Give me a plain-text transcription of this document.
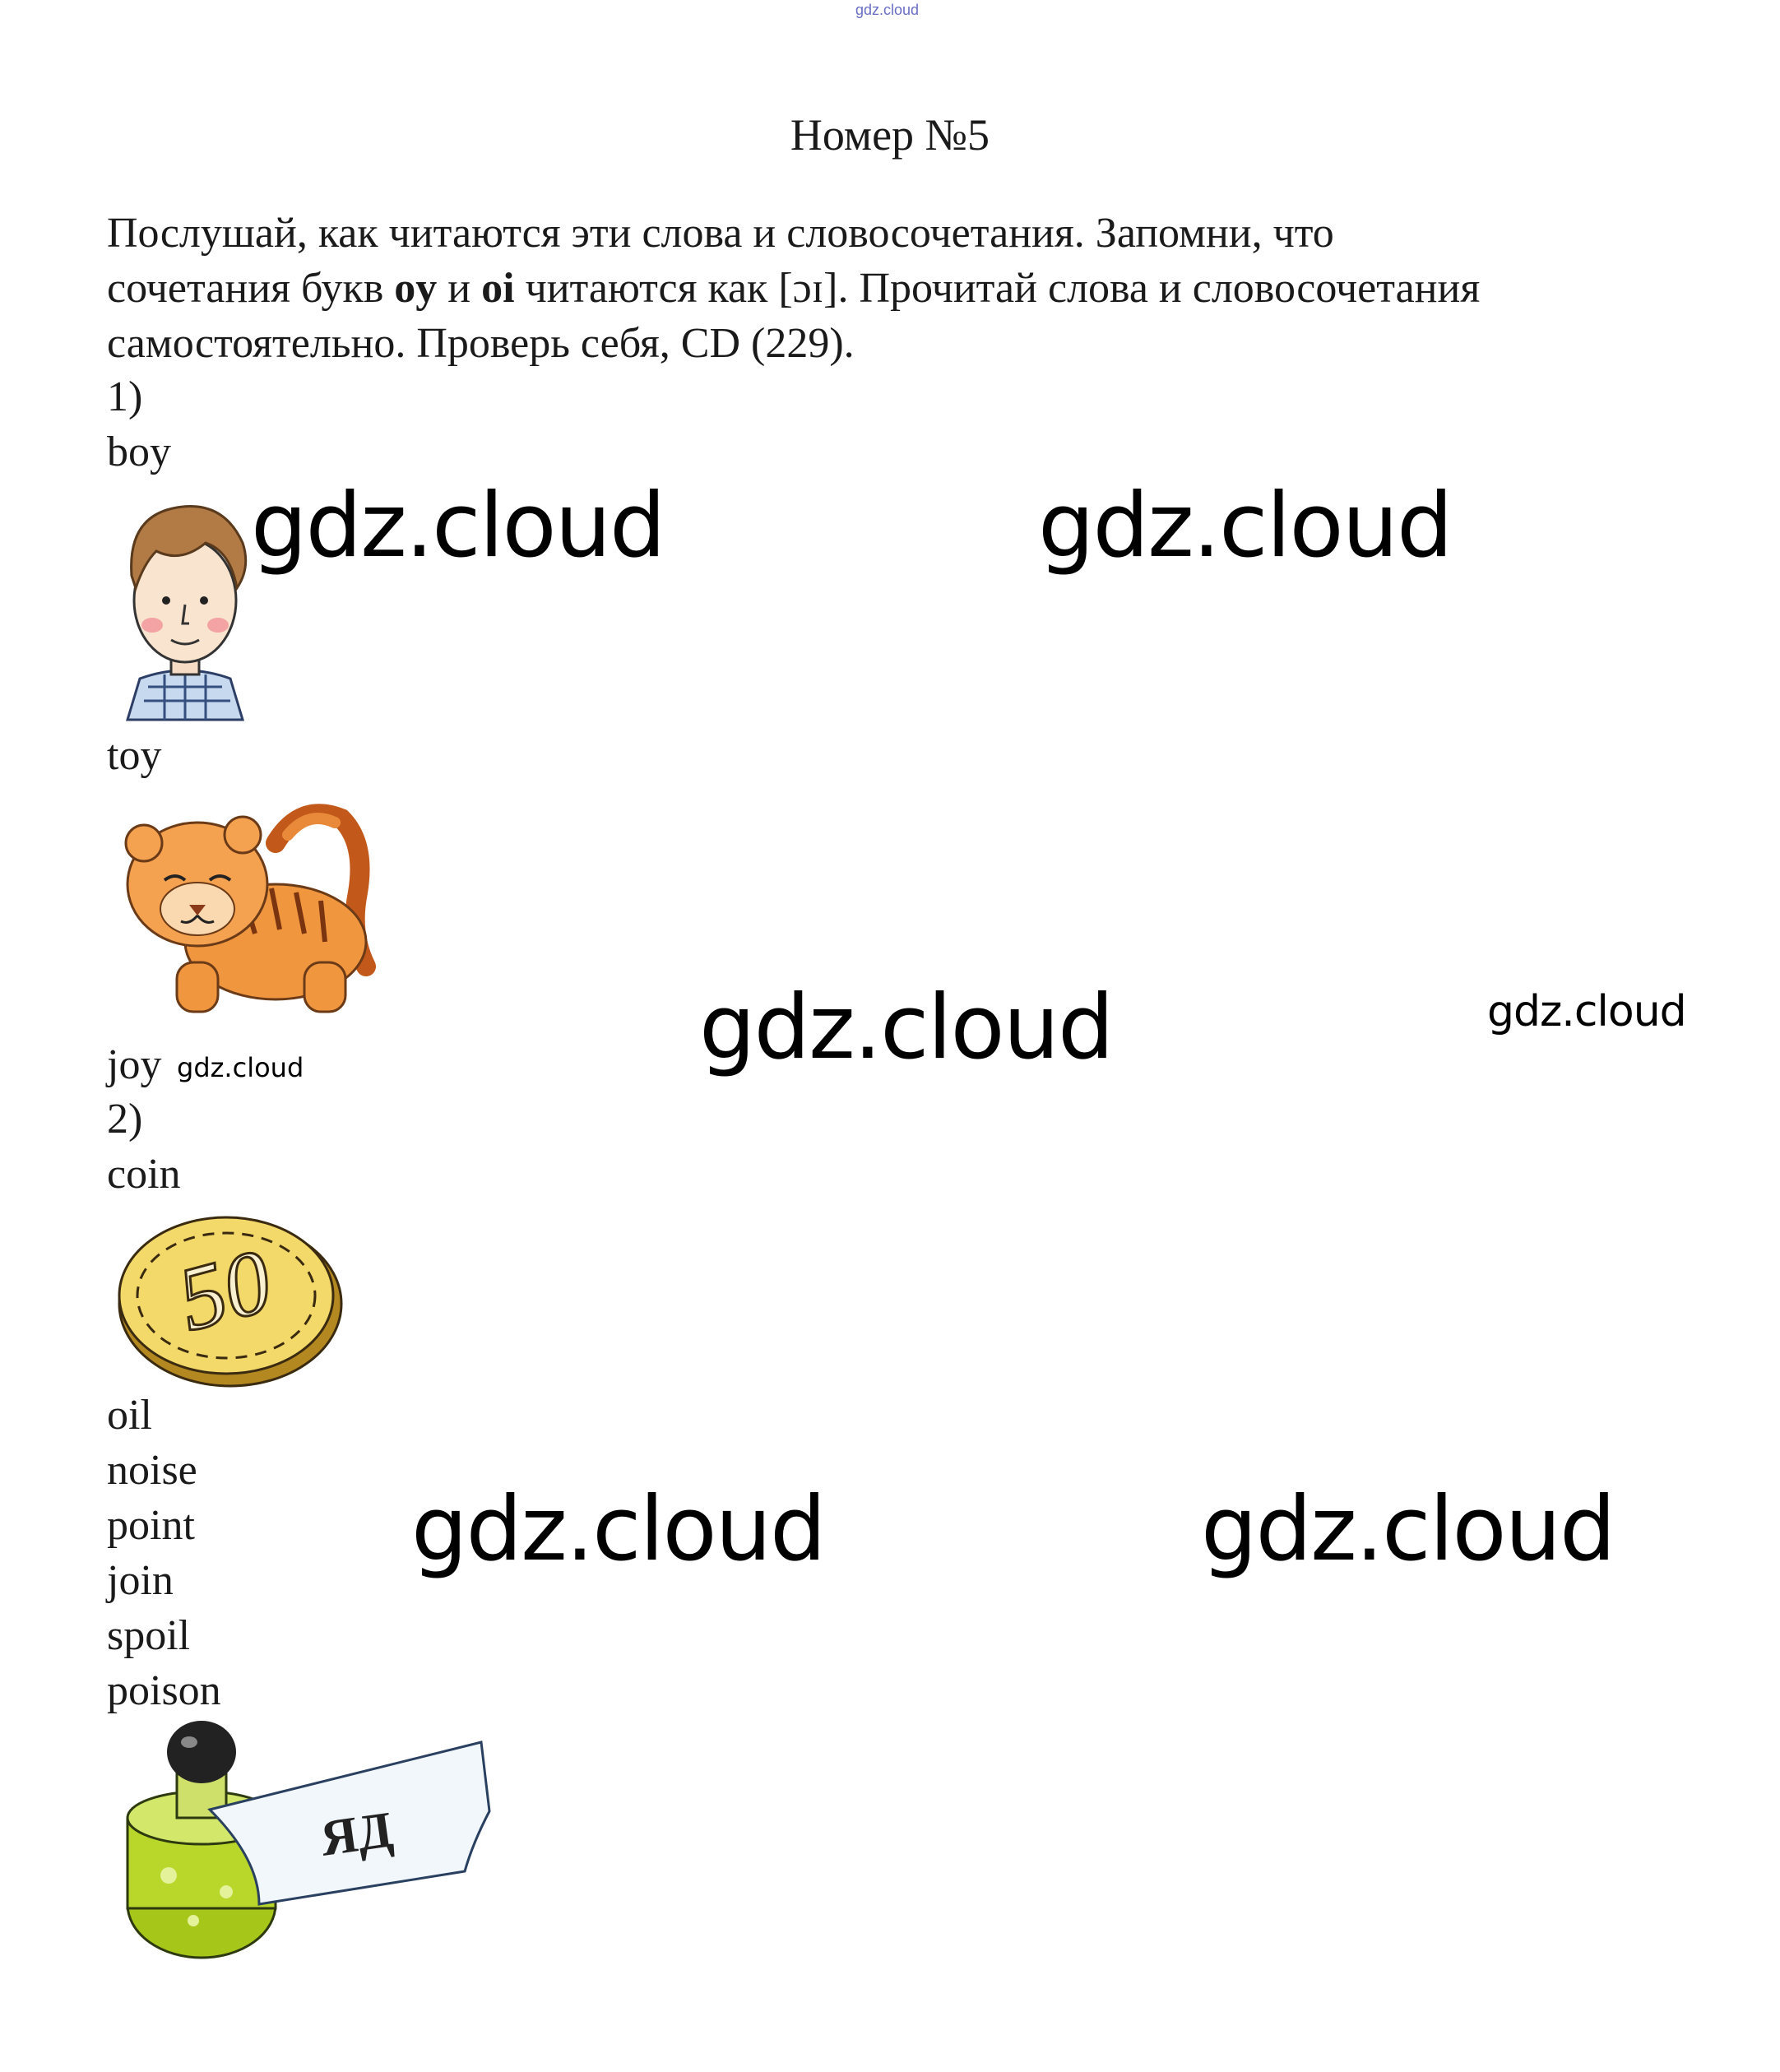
gdz.cloud
Номер №5
Послушай, как читаются эти слова и словосочетания. Запомни, что
сочетания букв oy и oi читаются как [ɔɪ]. Прочитай слова и словосочетания
самостоятельно. Проверь себя, CD (229).
1)
boy
toy
joy gdz.cloud
2)
coin
50
oil
noise
point
join
spoil
poison
ЯД
gdz.cloud	gdz.cloud
gdz.cloud	gdz.cloud
gdz.cloud	gdz.cloud
